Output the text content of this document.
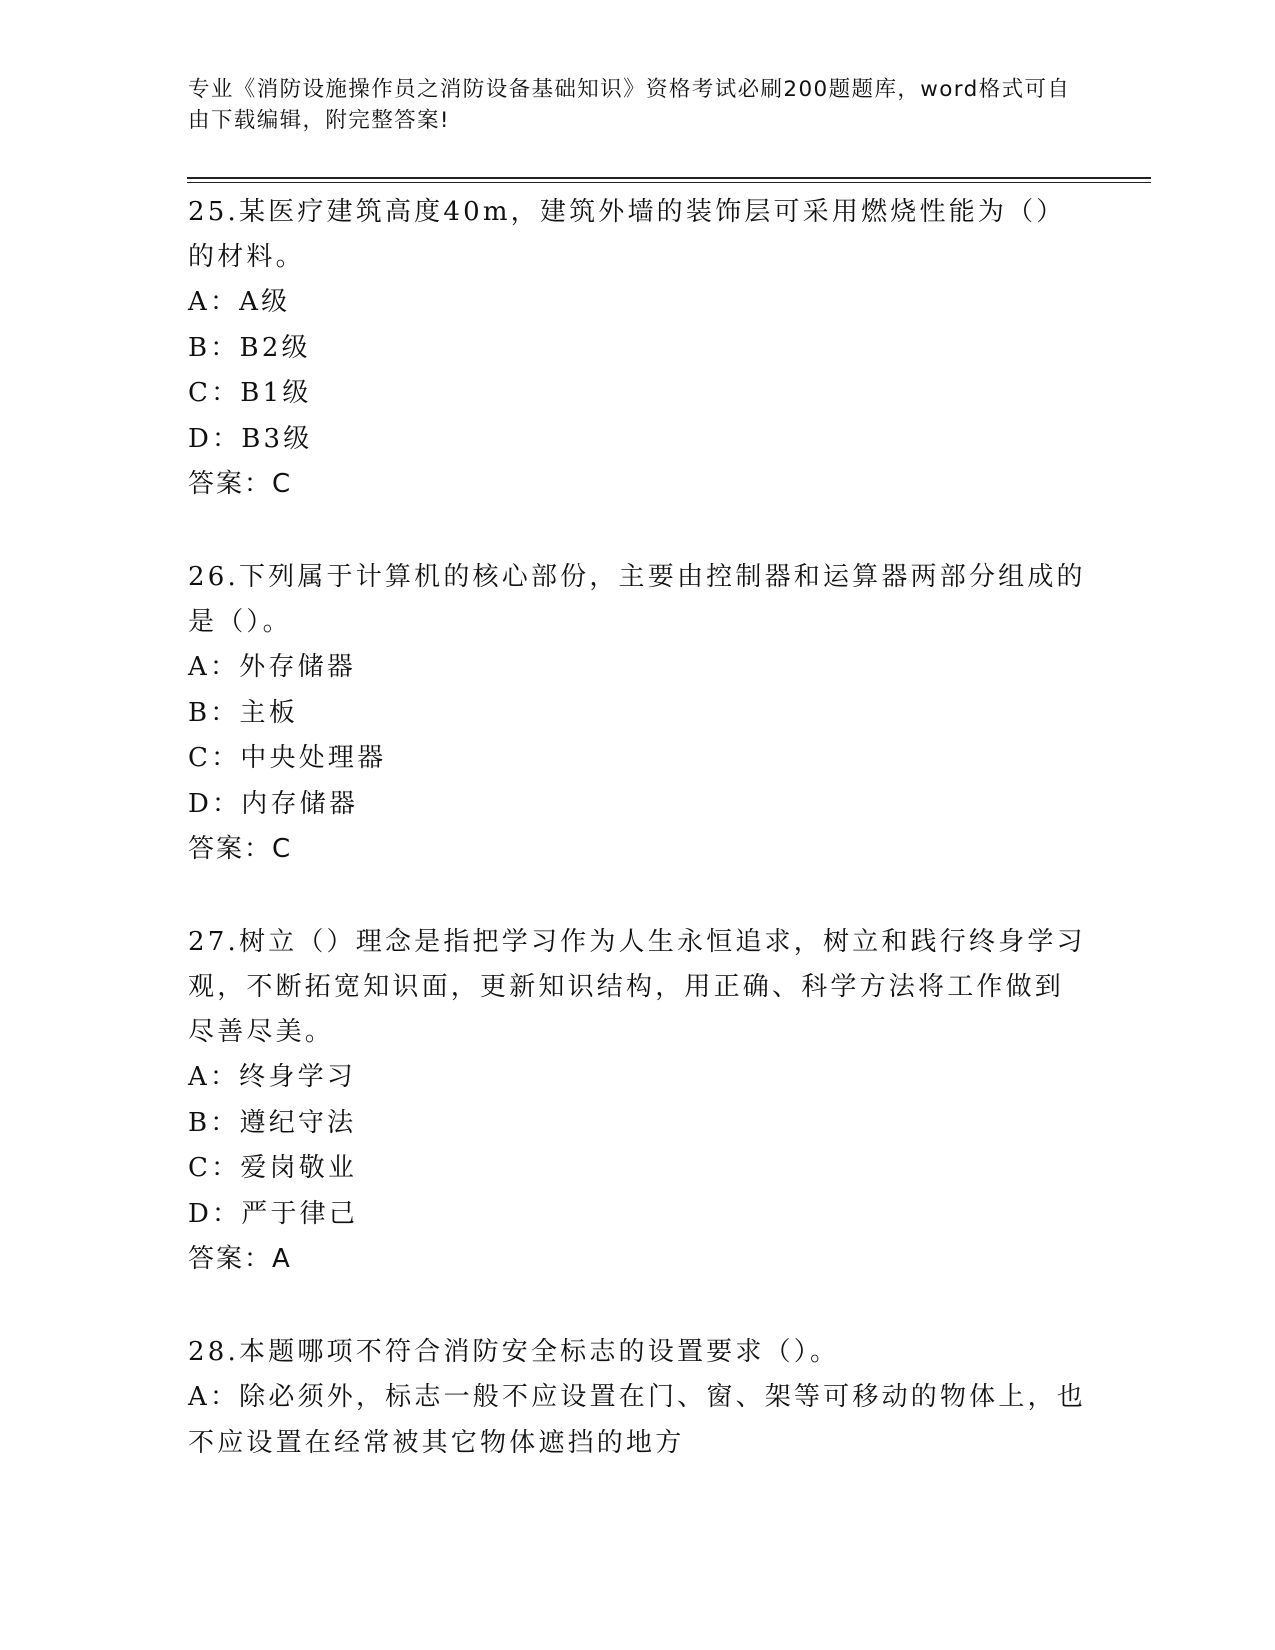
专业《消防设施操作员之消防设备基础知识》资格考试必刷200题题库，word格式可自由下载编辑，附完整答案!
25.某医疗建筑高度40m，建筑外墙的装饰层可采用燃烧性能为（）的材料。
A：A级
B：B2级
C：B1级
D：B3级
答案：C
26.下列属于计算机的核心部份，主要由控制器和运算器两部分组成的是（）。
A：外存储器
B：主板
C：中央处理器
D：内存储器
答案：C
27.树立（）理念是指把学习作为人生永恒追求，树立和践行终身学习观，不断拓宽知识面，更新知识结构，用正确、科学方法将工作做到尽善尽美。
A：终身学习
B：遵纪守法
C：爱岗敬业
D：严于律己
答案：A
28.本题哪项不符合消防安全标志的设置要求（）。
A：除必须外，标志一般不应设置在门、窗、架等可移动的物体上，也不应设置在经常被其它物体遮挡的地方
